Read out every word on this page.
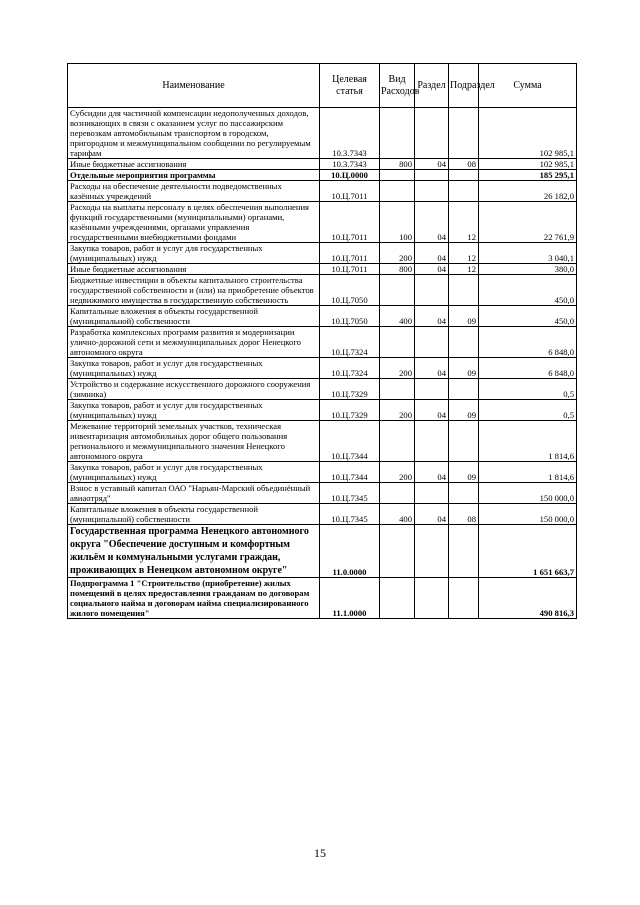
Наименование	Целевая статья	Вид Расходов	Раздел	Подраздел	Сумма
Субсидии для частичной компенсации недополученных доходов, возникающих в связи с оказанием услуг по пассажирским перевозкам автомобильным транспортом в городском, пригородном и межмуниципальном сообщении по регулируемым тарифам	10.3.7343				102 985,1
Иные бюджетные ассигнования	10.3.7343	800	04	08	102 985,1
Отдельные мероприятия программы	10.Ц.0000				185 295,1
Расходы на обеспечение деятельности подведомственных казённых учреждений	10.Ц.7011				26 182,0
Расходы на выплаты персоналу в целях обеспечения выполнения функций государственными (муниципальными) органами, казёнными учреждениями, органами управления государственными внебюджетными фондами	10.Ц.7011	100	04	12	22 761,9
Закупка товаров, работ и услуг для государственных (муниципальных) нужд	10.Ц.7011	200	04	12	3 040,1
Иные бюджетные ассигнования	10.Ц.7011	800	04	12	380,0
Бюджетные инвестиции в объекты капитального строительства государственной собственности и (или) на приобретение объектов недвижимого имущества в государственную собственность	10.Ц.7050				450,0
Капитальные вложения в объекты государственной (муниципальной) собственности	10.Ц.7050	400	04	09	450,0
Разработка комплексных программ развития и модернизации улично-дорожной сети и межмуниципальных дорог Ненецкого автономного округа	10.Ц.7324				6 848,0
Закупка товаров, работ и услуг для государственных (муниципальных) нужд	10.Ц.7324	200	04	09	6 848,0
Устройство и содержание искусственного дорожного сооружения (зимника)	10.Ц.7329				0,5
Закупка товаров, работ и услуг для государственных (муниципальных) нужд	10.Ц.7329	200	04	09	0,5
Межевание территорий земельных участков, техническая инвентаризация автомобильных дорог общего пользования регионального и межмуниципального значения Ненецкого автономного округа	10.Ц.7344				1 814,6
Закупка товаров, работ и услуг для государственных (муниципальных) нужд	10.Ц.7344	200	04	09	1 814,6
Взнос в уставный капитал ОАО "Нарьян-Марский объединённый авиаотряд"	10.Ц.7345				150 000,0
Капитальные вложения в объекты государственной (муниципальной) собственности	10.Ц.7345	400	04	08	150 000,0
Государственная программа Ненецкого автономного округа "Обеспечение доступным и комфортным жильём и коммунальными услугами граждан, проживающих в Ненецком автономном округе"	11.0.0000				1 651 663,7
Подпрограмма 1 "Строительство (приобретение) жилых помещений в целях предоставления гражданам по договорам социального найма и договорам найма специализированного жилого помещения"	11.1.0000				490 816,3
15
